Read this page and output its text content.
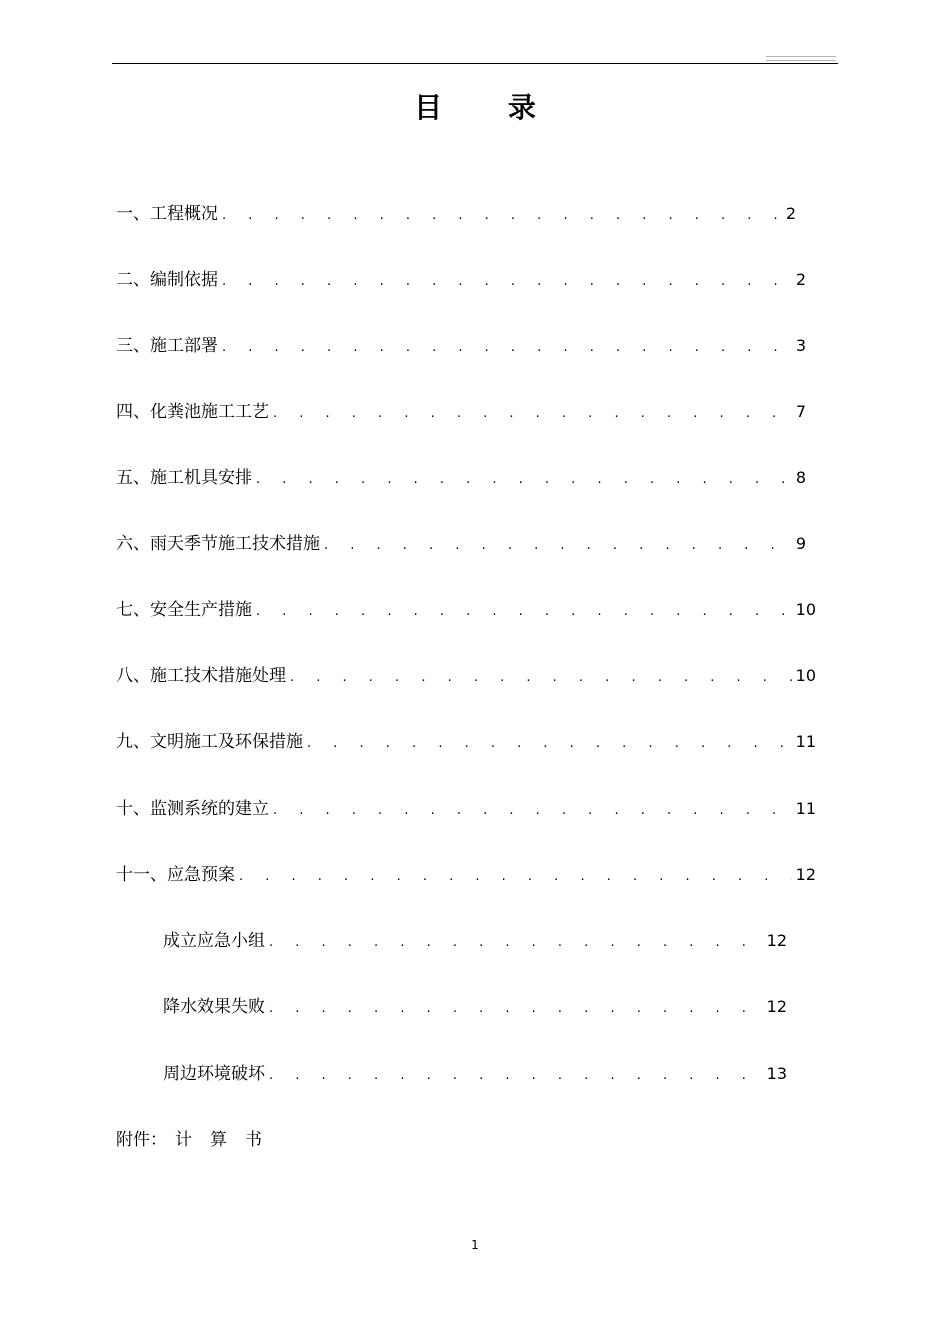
目 录
一、工程概况 . . .	2
二、编制依据 . . .	2
三、施工部署 . . .	3
四、化粪池施工工艺 . . .	7
五、施工机具安排 . . .	8
六、雨天季节施工技术措施 . . .	9
七、安全生产措施 . . .	10
八、施工技术措施处理 . . .	10
九、文明施工及环保措施 . . .	11
十、监测系统的建立 . . .	11
十一、应急预案 . . .	12
成立应急小组 . . .	12
降水效果失败 . . .	12
周边环境破坏 . . .	13
附件： 计算书
1
